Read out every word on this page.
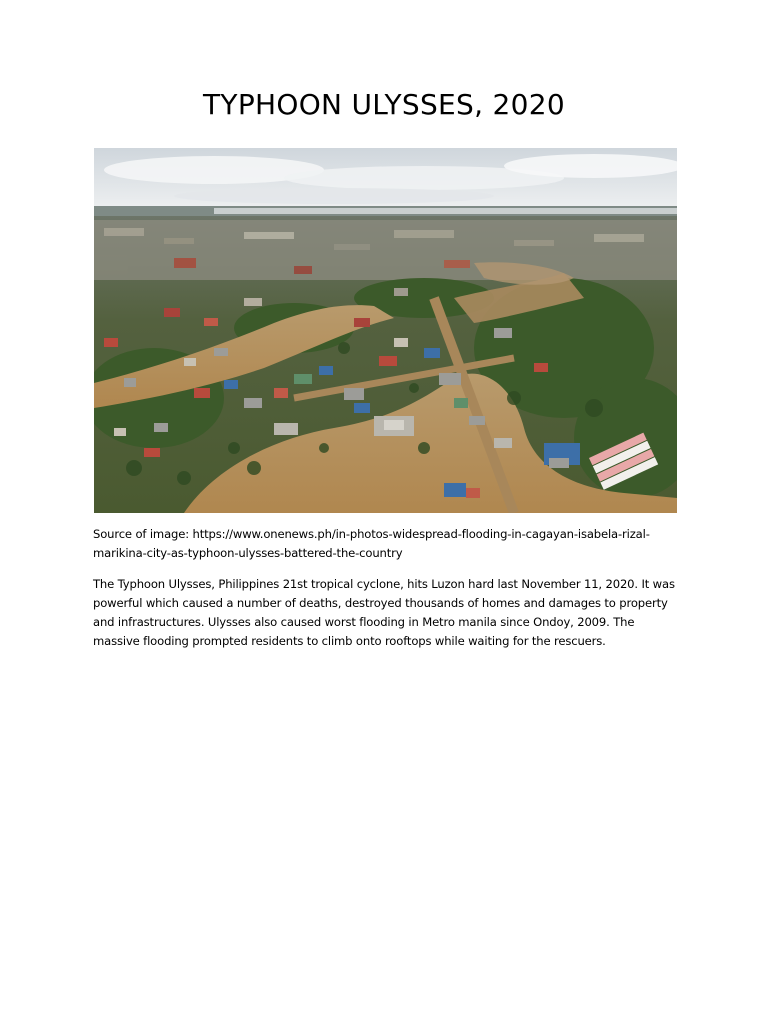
TYPHOON ULYSSES, 2020

Source of image: https://www.onenews.ph/in-photos-widespread-flooding-in-cagayan-isabela-rizal-marikina-city-as-typhoon-ulysses-battered-the-country

The Typhoon Ulysses, Philippines 21st tropical cyclone, hits Luzon hard last November 11, 2020. It was powerful which caused a number of deaths, destroyed thousands of homes and damages to property and infrastructures. Ulysses also caused worst flooding in Metro manila since Ondoy, 2009. The massive flooding prompted residents to climb onto rooftops while waiting for the rescuers.
